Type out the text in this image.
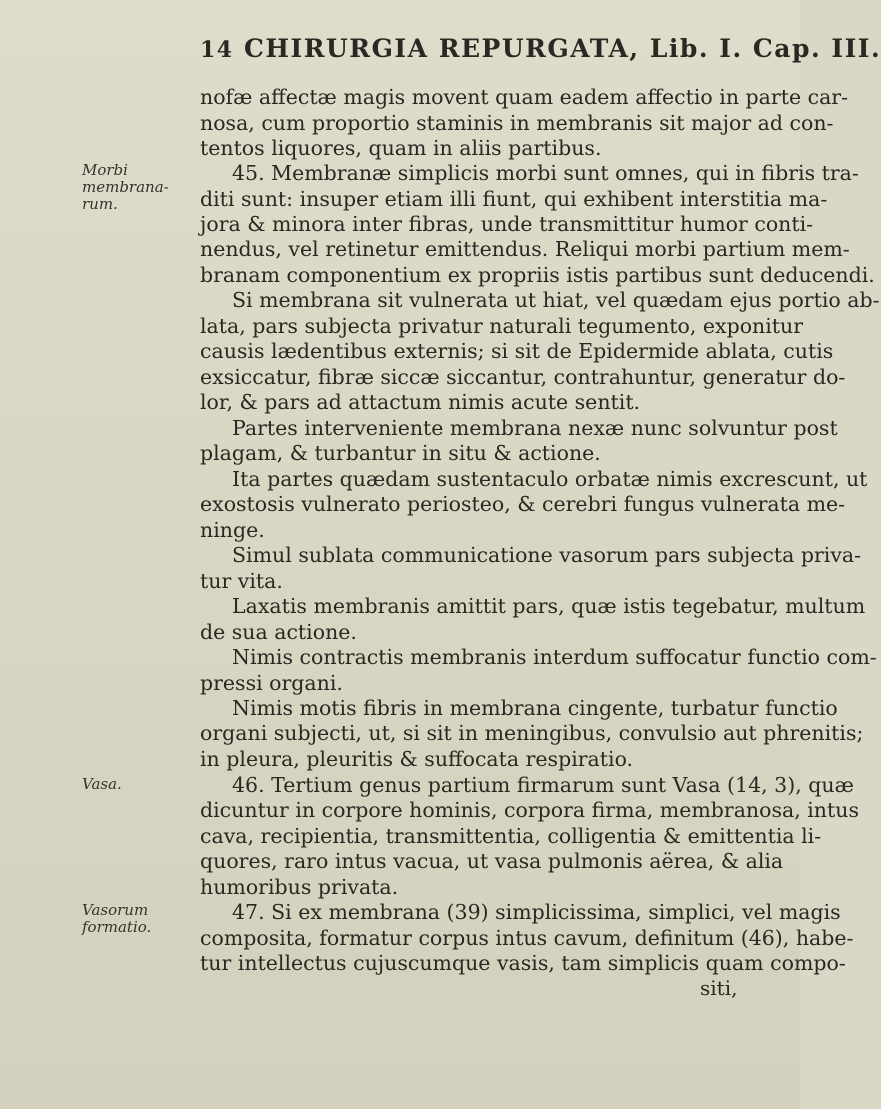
14 CHIRURGIA REPURGATA, Lib. I. Cap. III.
nofæ affectæ magis movent quam eadem affectio in parte car-
nosa, cum proportio staminis in membranis sit major ad con-
tentos liquores, quam in aliis partibus.
45. Membranæ simplicis morbi sunt omnes, qui in fibris tra-
diti sunt: insuper etiam illi fiunt, qui exhibent interstitia ma-
jora & minora inter fibras, unde transmittitur humor conti-
nendus, vel retinetur emittendus. Reliqui morbi partium mem-
branam componentium ex propriis istis partibus sunt deducendi.
Si membrana sit vulnerata ut hiat, vel quædam ejus portio ab-
lata, pars subjecta privatur naturali tegumento, exponitur
causis lædentibus externis; si sit de Epidermide ablata, cutis
exsiccatur, fibræ siccæ siccantur, contrahuntur, generatur do-
lor, & pars ad attactum nimis acute sentit.
Partes interveniente membrana nexæ nunc solvuntur post
plagam, & turbantur in situ & actione.
Ita partes quædam sustentaculo orbatæ nimis excrescunt, ut
exostosis vulnerato periosteo, & cerebri fungus vulnerata me-
ninge.
Simul sublata communicatione vasorum pars subjecta priva-
tur vita.
Laxatis membranis amittit pars, quæ istis tegebatur, multum
de sua actione.
Nimis contractis membranis interdum suffocatur functio com-
pressi organi.
Nimis motis fibris in membrana cingente, turbatur functio
organi subjecti, ut, si sit in meningibus, convulsio aut phrenitis;
in pleura, pleuritis & suffocata respiratio.
46. Tertium genus partium firmarum sunt Vasa (14, 3), quæ
dicuntur in corpore hominis, corpora firma, membranosa, intus
cava, recipientia, transmittentia, colligentia & emittentia li-
quores, raro intus vacua, ut vasa pulmonis aërea, & alia
humoribus privata.
47. Si ex membrana (39) simplicissima, simplici, vel magis
composita, formatur corpus intus cavum, definitum (46), habe-
tur intellectus cujuscumque vasis, tam simplicis quam compo-
Morbi membrana-rum.
Vasa.
Vasorum formatio.
siti,
